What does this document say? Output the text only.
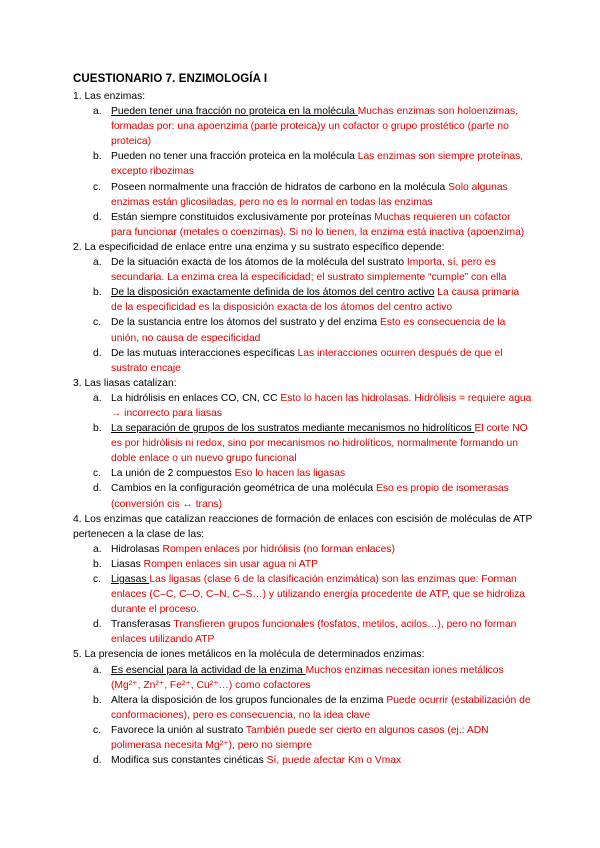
CUESTIONARIO 7. ENZIMOLOGÍA I
1. Las enzimas:
a. Pueden tener una fracción no proteica en la molécula Muchas enzimas son holoenzimas, formadas por: una apoenzima (parte proteica)y un cofactor o grupo prostético (parte no proteica)
b. Pueden no tener una fracción proteica en la molécula Las enzimas son siempre proteínas, excepto ribozimas
c. Poseen normalmente una fracción de hidratos de carbono en la molécula Solo algunas enzimas están glicosiladas, pero no es lo normal en todas las enzimas
d. Están siempre constituidos exclusivamente por proteínas Muchas requieren un cofactor para funcionar (metales o coenzimas). Si no lo tienen, la enzima está inactiva (apoenzima)
2. La especificidad de enlace entre una enzima y su sustrato específico depende:
a. De la situación exacta de los átomos de la molécula del sustrato Importa, sí, pero es secundaria. La enzima crea la especificidad; el sustrato simplemente “cumple” con ella
b. De la disposición exactamente definida de los átomos del centro activo La causa primaria de la especificidad es la disposición exacta de los átomos del centro activo
c. De la sustancia entre los átomos del sustrato y del enzima Esto es consecuencia de la unión, no causa de especificidad
d. De las mutuas interacciones específicas Las interacciones ocurren después de que el sustrato encaje
3. Las liasas catalizan:
a. La hidrólisis en enlaces CO, CN, CC Esto lo hacen las hidrolasas. Hidrólisis = requiere agua → incorrecto para liasas
b. La separación de grupos de los sustratos mediante mecanismos no hidrolíticos El corte NO es por hidrólisis ni redox, sino por mecanismos no hidrolíticos, normalmente formando un doble enlace o un nuevo grupo funcional
c. La unión de 2 compuestos Eso lo hacen las ligasas
d. Cambios en la configuración geométrica de una molécula Eso es propio de isomerasas (conversión cis ↔ trans)
4. Los enzimas que catalizan reacciones de formación de enlaces con escisión de moléculas de ATP pertenecen a la clase de las:
a. Hidrolasas Rompen enlaces por hidrólisis (no forman enlaces)
b. Liasas Rompen enlaces sin usar agua ni ATP
c. Ligasas Las ligasas (clase 6 de la clasificación enzimática) son las enzimas que: Forman enlaces (C–C, C–O, C–N, C–S…) y utilizando energía procedente de ATP, que se hidroliza durante el proceso.
d. Transferasas Transfieren grupos funcionales (fosfatos, metilos, acilos…), pero no forman enlaces utilizando ATP
5. La presencia de iones metálicos en la molécula de determinados enzimas:
a. Es esencial para la actividad de la enzima Muchos enzimas necesitan iones metálicos (Mg²⁺, Zn²⁺, Fe²⁺, Cu²⁺…) como cofactores
b. Altera la disposición de los grupos funcionales de la enzima Puede ocurrir (estabilización de conformaciones), pero es consecuencia, no la idea clave
c. Favorece la unión al sustrato También puede ser cierto en algunos casos (ej.: ADN polimerasa necesita Mg²⁺), pero no siempre
d. Modifica sus constantes cinéticas Sí, puede afectar Km o Vmax
